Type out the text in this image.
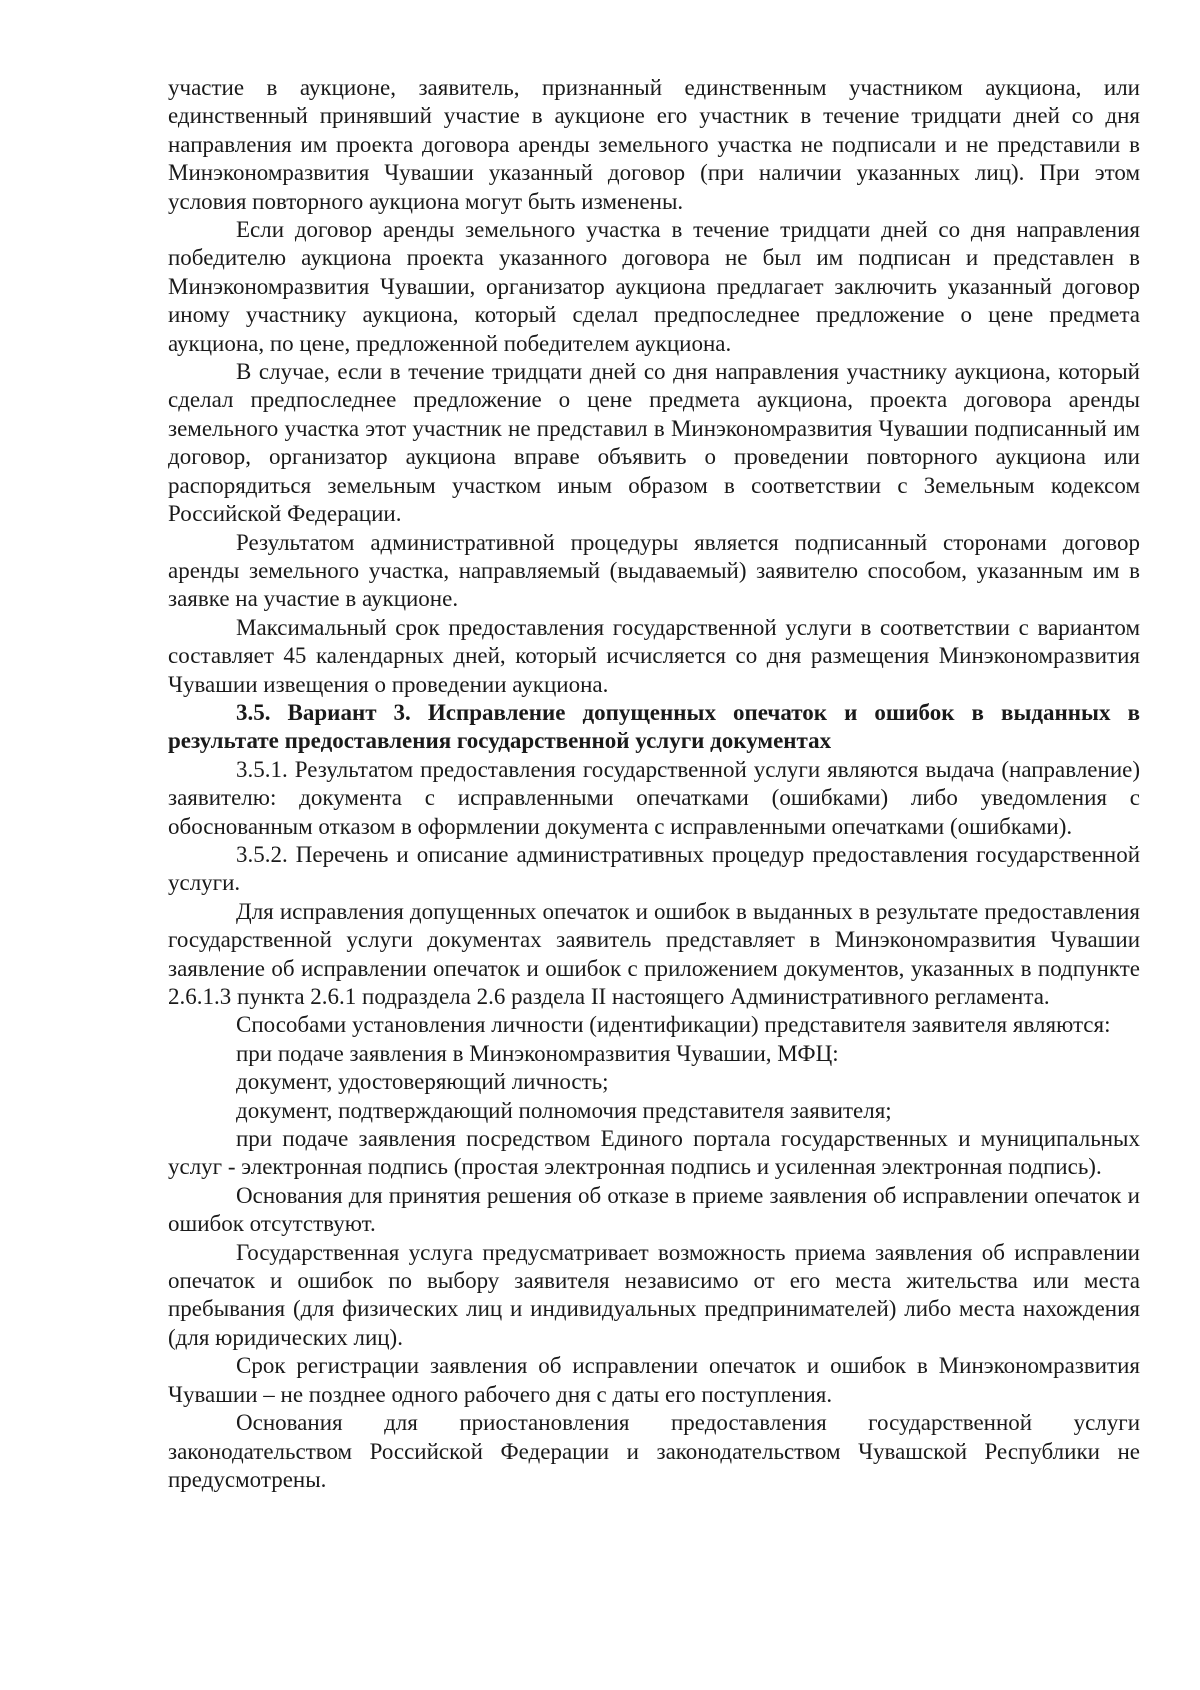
участие в аукционе, заявитель, признанный единственным участником аукциона, или единственный принявший участие в аукционе его участник в течение тридцати дней со дня направления им проекта договора аренды земельного участка не подписали и не представили в Минэкономразвития Чувашии указанный договор (при наличии указанных лиц). При этом условия повторного аукциона могут быть изменены.

Если договор аренды земельного участка в течение тридцати дней со дня направления победителю аукциона проекта указанного договора не был им подписан и представлен в Минэкономразвития Чувашии, организатор аукциона предлагает заключить указанный договор иному участнику аукциона, который сделал предпоследнее предложение о цене предмета аукциона, по цене, предложенной победителем аукциона.

В случае, если в течение тридцати дней со дня направления участнику аукциона, который сделал предпоследнее предложение о цене предмета аукциона, проекта договора аренды земельного участка этот участник не представил в Минэкономразвития Чувашии подписанный им договор, организатор аукциона вправе объявить о проведении повторного аукциона или распорядиться земельным участком иным образом в соответствии с Земельным кодексом Российской Федерации.

Результатом административной процедуры является подписанный сторонами договор аренды земельного участка, направляемый (выдаваемый) заявителю способом, указанным им в заявке на участие в аукционе.

Максимальный срок предоставления государственной услуги в соответствии с вариантом составляет 45 календарных дней, который исчисляется со дня размещения Минэкономразвития Чувашии извещения о проведении аукциона.

3.5. Вариант 3. Исправление допущенных опечаток и ошибок в выданных в результате предоставления государственной услуги документах

3.5.1. Результатом предоставления государственной услуги являются выдача (направление) заявителю: документа с исправленными опечатками (ошибками) либо уведомления с обоснованным отказом в оформлении документа с исправленными опечатками (ошибками).

3.5.2. Перечень и описание административных процедур предоставления государственной услуги.

Для исправления допущенных опечаток и ошибок в выданных в результате предоставления государственной услуги документах заявитель представляет в Минэкономразвития Чувашии заявление об исправлении опечаток и ошибок с приложением документов, указанных в подпункте 2.6.1.3 пункта 2.6.1 подраздела 2.6 раздела II настоящего Административного регламента.

Способами установления личности (идентификации) представителя заявителя являются:

при подаче заявления в Минэкономразвития Чувашии, МФЦ:

документ, удостоверяющий личность;

документ, подтверждающий полномочия представителя заявителя;

при подаче заявления посредством Единого портала государственных и муниципальных услуг - электронная подпись (простая электронная подпись и усиленная электронная подпись).

Основания для принятия решения об отказе в приеме заявления об исправлении опечаток и ошибок отсутствуют.

Государственная услуга предусматривает возможность приема заявления об исправлении опечаток и ошибок по выбору заявителя независимо от его места жительства или места пребывания (для физических лиц и индивидуальных предпринимателей) либо места нахождения (для юридических лиц).

Срок регистрации заявления об исправлении опечаток и ошибок в Минэкономразвития Чувашии – не позднее одного рабочего дня с даты его поступления.

Основания для приостановления предоставления государственной услуги законодательством Российской Федерации и законодательством Чувашской Республики не предусмотрены.
